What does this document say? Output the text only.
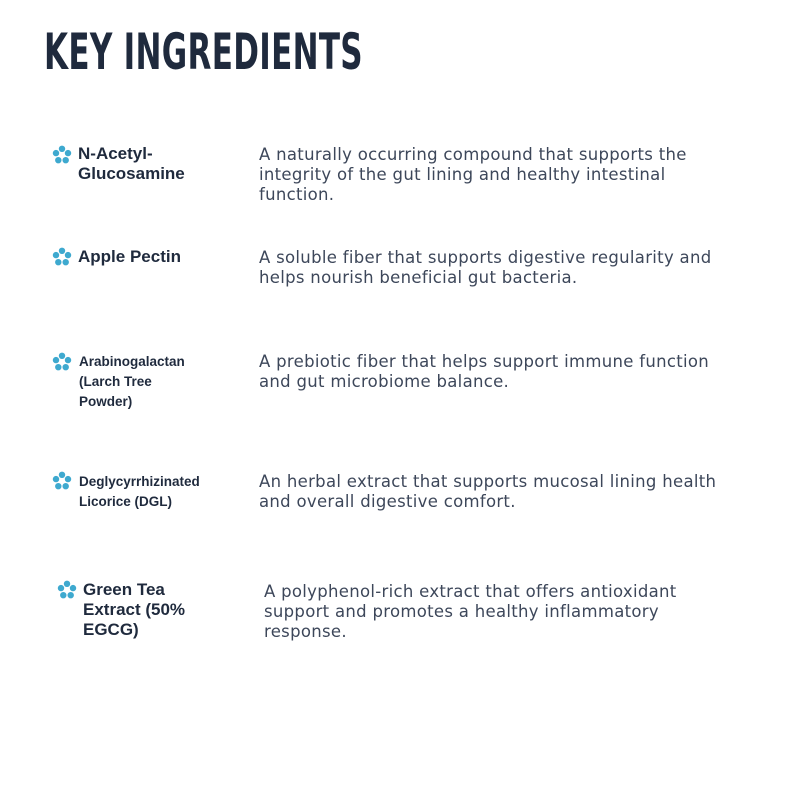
KEY INGREDIENTS

N-Acetyl-
Glucosamine

A naturally occurring compound that supports the
integrity of the gut lining and healthy intestinal
function.

Apple Pectin	A soluble fiber that supports digestive regularity and
helps nourish beneficial gut bacteria.

Arabinogalactan
(Larch Tree
Powder)

A prebiotic fiber that helps support immune function
and gut microbiome balance.

Deglycyrrhizinated
Licorice (DGL)

An herbal extract that supports mucosal lining health
and overall digestive comfort.

Green Tea
Extract (50%
EGCG)

A polyphenol-rich extract that offers antioxidant
support and promotes a healthy inflammatory
response.
